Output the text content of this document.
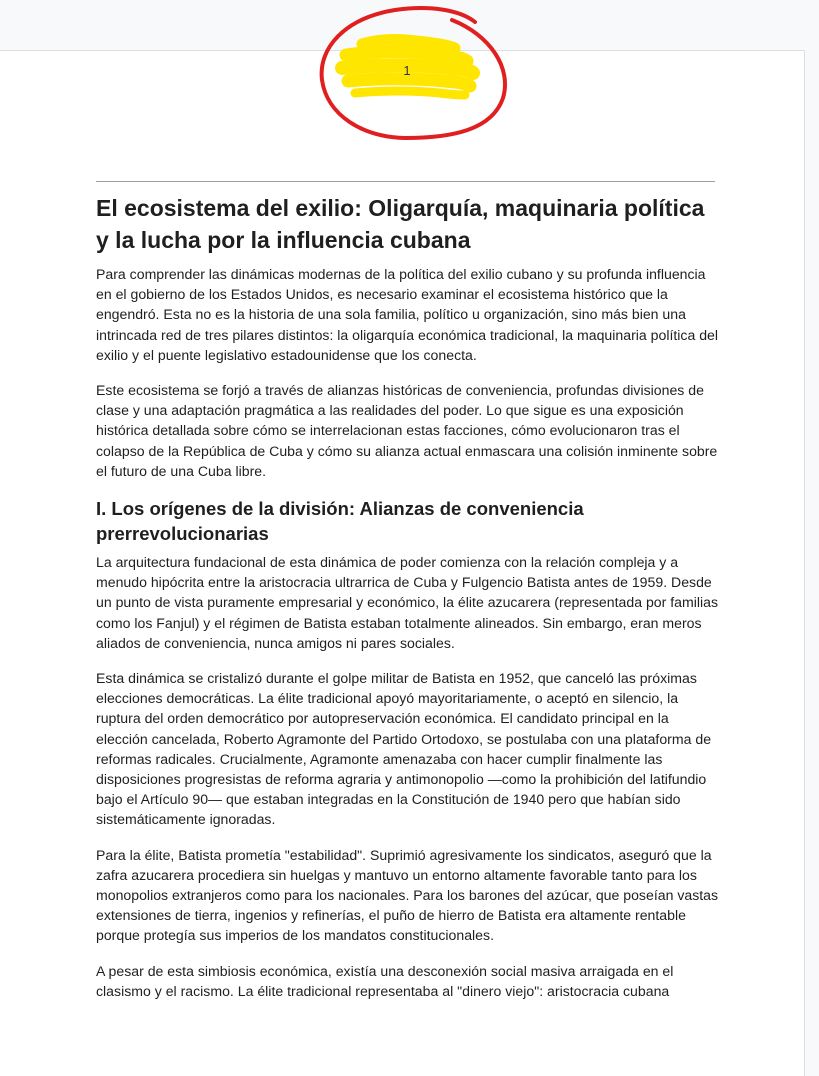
1
El ecosistema del exilio: Oligarquía, maquinaria política y la lucha por la influencia cubana

Para comprender las dinámicas modernas de la política del exilio cubano y su profunda influencia en el gobierno de los Estados Unidos, es necesario examinar el ecosistema histórico que la engendró. Esta no es la historia de una sola familia, político u organización, sino más bien una intrincada red de tres pilares distintos: la oligarquía económica tradicional, la maquinaria política del exilio y el puente legislativo estadounidense que los conecta.

Este ecosistema se forjó a través de alianzas históricas de conveniencia, profundas divisiones de clase y una adaptación pragmática a las realidades del poder. Lo que sigue es una exposición histórica detallada sobre cómo se interrelacionan estas facciones, cómo evolucionaron tras el colapso de la República de Cuba y cómo su alianza actual enmascara una colisión inminente sobre el futuro de una Cuba libre.

I. Los orígenes de la división: Alianzas de conveniencia prerrevolucionarias

La arquitectura fundacional de esta dinámica de poder comienza con la relación compleja y a menudo hipócrita entre la aristocracia ultrarrica de Cuba y Fulgencio Batista antes de 1959. Desde un punto de vista puramente empresarial y económico, la élite azucarera (representada por familias como los Fanjul) y el régimen de Batista estaban totalmente alineados. Sin embargo, eran meros aliados de conveniencia, nunca amigos ni pares sociales.

Esta dinámica se cristalizó durante el golpe militar de Batista en 1952, que canceló las próximas elecciones democráticas. La élite tradicional apoyó mayoritariamente, o aceptó en silencio, la ruptura del orden democrático por autopreservación económica. El candidato principal en la elección cancelada, Roberto Agramonte del Partido Ortodoxo, se postulaba con una plataforma de reformas radicales. Crucialmente, Agramonte amenazaba con hacer cumplir finalmente las disposiciones progresistas de reforma agraria y antimonopolio —como la prohibición del latifundio bajo el Artículo 90— que estaban integradas en la Constitución de 1940 pero que habían sido sistemáticamente ignoradas.

Para la élite, Batista prometía "estabilidad". Suprimió agresivamente los sindicatos, aseguró que la zafra azucarera procediera sin huelgas y mantuvo un entorno altamente favorable tanto para los monopolios extranjeros como para los nacionales. Para los barones del azúcar, que poseían vastas extensiones de tierra, ingenios y refinerías, el puño de hierro de Batista era altamente rentable porque protegía sus imperios de los mandatos constitucionales.

A pesar de esta simbiosis económica, existía una desconexión social masiva arraigada en el clasismo y el racismo. La élite tradicional representaba al "dinero viejo": aristocracia cubana
